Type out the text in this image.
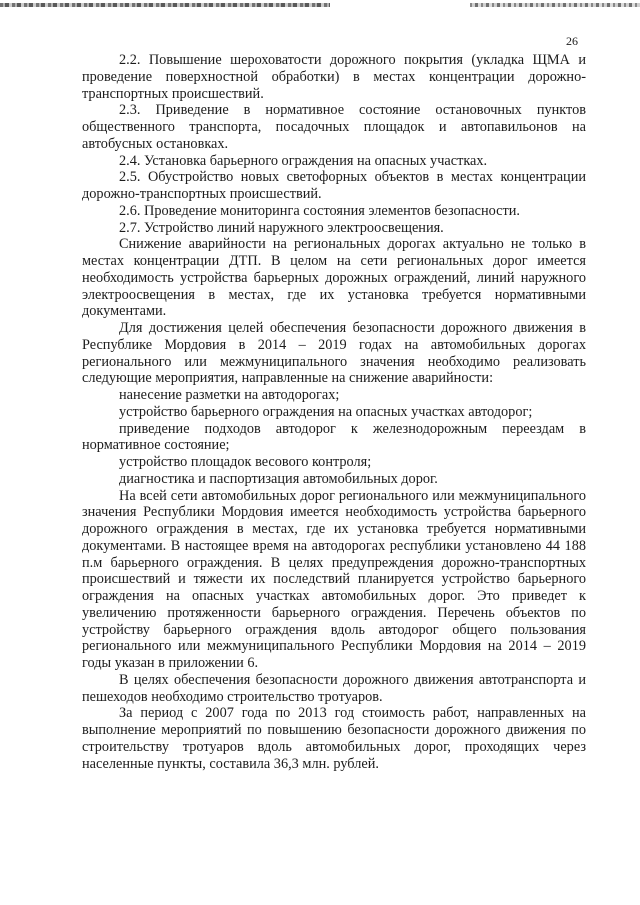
26

2.2. Повышение шероховатости дорожного покрытия (укладка ЩМА и проведение поверхностной обработки) в местах концентрации дорожно-транспортных происшествий.

2.3. Приведение в нормативное состояние остановочных пунктов общественного транспорта, посадочных площадок и автопавильонов на автобусных остановках.

2.4. Установка барьерного ограждения на опасных участках.

2.5. Обустройство новых светофорных объектов в местах концентрации дорожно-транспортных происшествий.

2.6. Проведение мониторинга состояния элементов безопасности.

2.7. Устройство линий наружного электроосвещения.

Снижение аварийности на региональных дорогах актуально не только в местах концентрации ДТП. В целом на сети региональных дорог имеется необходимость устройства барьерных дорожных ограждений, линий наружного электроосвещения в местах, где их установка требуется нормативными документами.

Для достижения целей обеспечения безопасности дорожного движения в Республике Мордовия в 2014 – 2019 годах на автомобильных дорогах регионального или межмуниципального значения необходимо реализовать следующие мероприятия, направленные на снижение аварийности:

нанесение разметки на автодорогах;

устройство барьерного ограждения на опасных участках автодорог;

приведение подходов автодорог к железнодорожным переездам в нормативное состояние;

устройство площадок весового контроля;

диагностика и паспортизация автомобильных дорог.

На всей сети автомобильных дорог регионального или межмуниципального значения Республики Мордовия имеется необходимость устройства барьерного дорожного ограждения в местах, где их установка требуется нормативными документами. В настоящее время на автодорогах республики установлено 44 188 п.м барьерного ограждения. В целях предупреждения дорожно-транспортных происшествий и тяжести их последствий планируется устройство барьерного ограждения на опасных участках автомобильных дорог. Это приведет к увеличению протяженности барьерного ограждения. Перечень объектов по устройству барьерного ограждения вдоль автодорог общего пользования регионального или межмуниципального Республики Мордовия на 2014 – 2019 годы указан в приложении 6.

В целях обеспечения безопасности дорожного движения автотранспорта и пешеходов необходимо строительство тротуаров.

За период с 2007 года по 2013 год стоимость работ, направленных на выполнение мероприятий по повышению безопасности дорожного движения по строительству тротуаров вдоль автомобильных дорог, проходящих через населенные пункты, составила 36,3 млн. рублей.
